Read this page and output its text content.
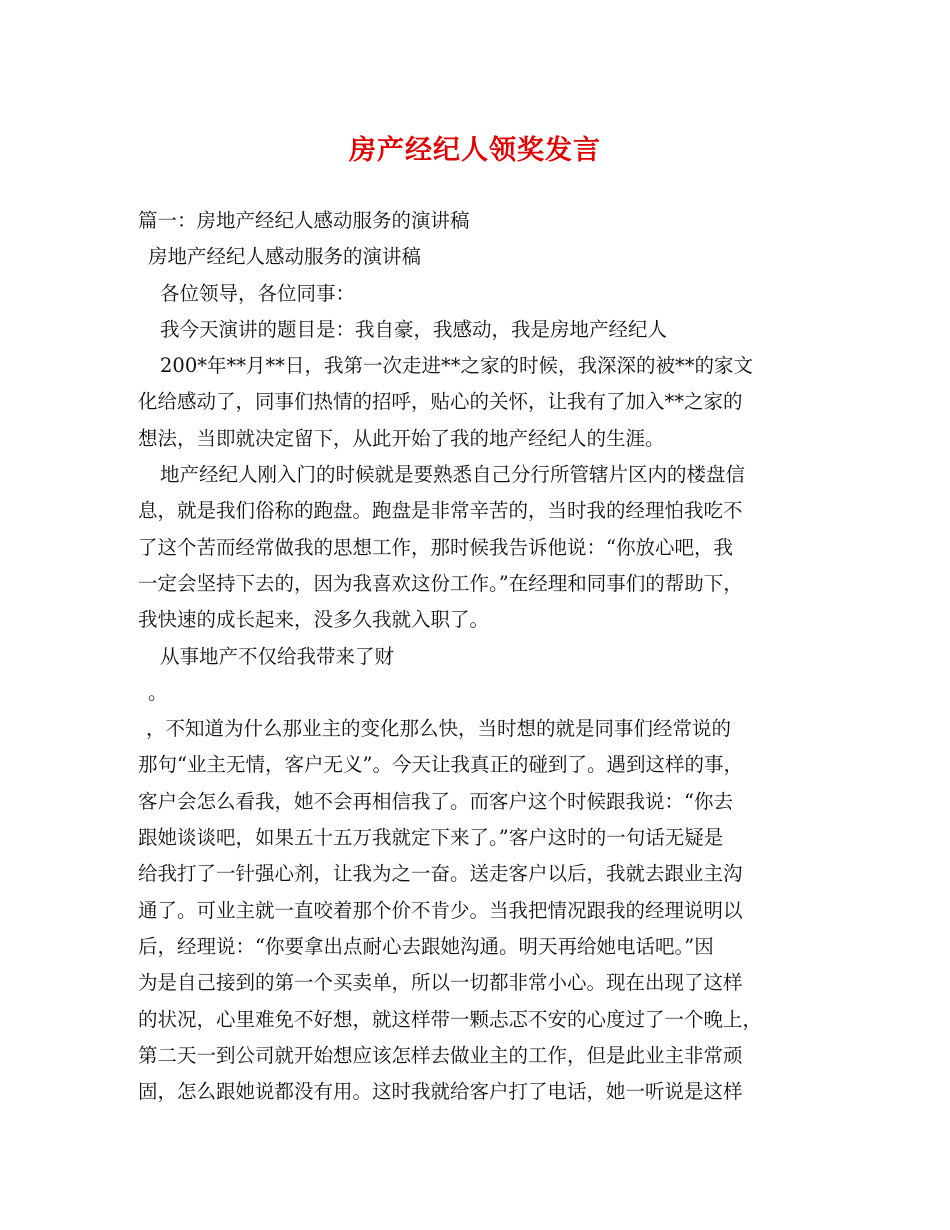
房产经纪人领奖发言
篇一：房地产经纪人感动服务的演讲稿
房地产经纪人感动服务的演讲稿
各位领导，各位同事：
我今天演讲的题目是：我自豪，我感动，我是房地产经纪人
200*年**月**日，我第一次走进**之家的时候，我深深的被**的家文
化给感动了，同事们热情的招呼，贴心的关怀，让我有了加入**之家的
想法，当即就决定留下，从此开始了我的地产经纪人的生涯。
地产经纪人刚入门的时候就是要熟悉自己分行所管辖片区内的楼盘信
息，就是我们俗称的跑盘。跑盘是非常辛苦的，当时我的经理怕我吃不
了这个苦而经常做我的思想工作，那时候我告诉他说：“你放心吧，我
一定会坚持下去的，因为我喜欢这份工作。”在经理和同事们的帮助下，
我快速的成长起来，没多久我就入职了。
从事地产不仅给我带来了财
。
，不知道为什么那业主的变化那么快，当时想的就是同事们经常说的
那句“业主无情，客户无义”。今天让我真正的碰到了。遇到这样的事，
客户会怎么看我，她不会再相信我了。而客户这个时候跟我说：“你去
跟她谈谈吧，如果五十五万我就定下来了。”客户这时的一句话无疑是
给我打了一针强心剂，让我为之一奋。送走客户以后，我就去跟业主沟
通了。可业主就一直咬着那个价不肯少。当我把情况跟我的经理说明以
后，经理说：“你要拿出点耐心去跟她沟通。明天再给她电话吧。”因
为是自己接到的第一个买卖单，所以一切都非常小心。现在出现了这样
的状况，心里难免不好想，就这样带一颗忐忑不安的心度过了一个晚上，
第二天一到公司就开始想应该怎样去做业主的工作，但是此业主非常顽
固，怎么跟她说都没有用。这时我就给客户打了电话，她一听说是这样
